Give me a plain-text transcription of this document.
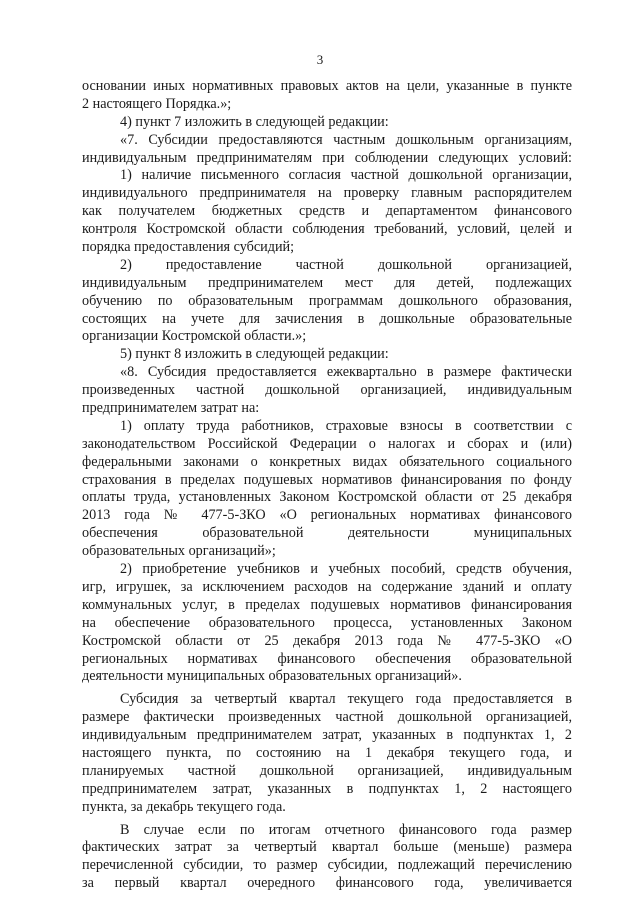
3
основании иных нормативных правовых актов на цели, указанные в пункте
2 настоящего Порядка.»;
4) пункт 7 изложить в следующей редакции:
«7. Субсидии предоставляются частным дошкольным организациям,
индивидуальным предпринимателям при соблюдении следующих условий:
1) наличие письменного согласия частной дошкольной организации,
индивидуального предпринимателя на проверку главным распорядителем
как получателем бюджетных средств и департаментом финансового
контроля Костромской области соблюдения требований, условий, целей и
порядка предоставления субсидий;
2) предоставление частной дошкольной организацией,
индивидуальным предпринимателем мест для детей, подлежащих
обучению по образовательным программам дошкольного образования,
состоящих на учете для зачисления в дошкольные образовательные
организации Костромской области.»;
5) пункт 8 изложить в следующей редакции:
«8. Субсидия предоставляется ежеквартально в размере фактически
произведенных частной дошкольной организацией, индивидуальным
предпринимателем затрат на:
1) оплату труда работников, страховые взносы в соответствии с
законодательством Российской Федерации о налогах и сборах и (или)
федеральными законами о конкретных видах обязательного социального
страхования в пределах подушевых нормативов финансирования по фонду
оплаты труда, установленных Законом Костромской области от 25 декабря
2013 года № 477-5-ЗКО «О региональных нормативах финансового
обеспечения образовательной деятельности муниципальных
образовательных организаций»;
2) приобретение учебников и учебных пособий, средств обучения,
игр, игрушек, за исключением расходов на содержание зданий и оплату
коммунальных услуг, в пределах подушевых нормативов финансирования
на обеспечение образовательного процесса, установленных Законом
Костромской области от 25 декабря 2013 года № 477-5-ЗКО «О
региональных нормативах финансового обеспечения образовательной
деятельности муниципальных образовательных организаций».
Субсидия за четвертый квартал текущего года предоставляется в
размере фактически произведенных частной дошкольной организацией,
индивидуальным предпринимателем затрат, указанных в подпунктах 1, 2
настоящего пункта, по состоянию на 1 декабря текущего года, и
планируемых частной дошкольной организацией, индивидуальным
предпринимателем затрат, указанных в подпунктах 1, 2 настоящего
пункта, за декабрь текущего года.
В случае если по итогам отчетного финансового года размер
фактических затрат за четвертый квартал больше (меньше) размера
перечисленной субсидии, то размер субсидии, подлежащий перечислению
за первый квартал очередного финансового года, увеличивается
